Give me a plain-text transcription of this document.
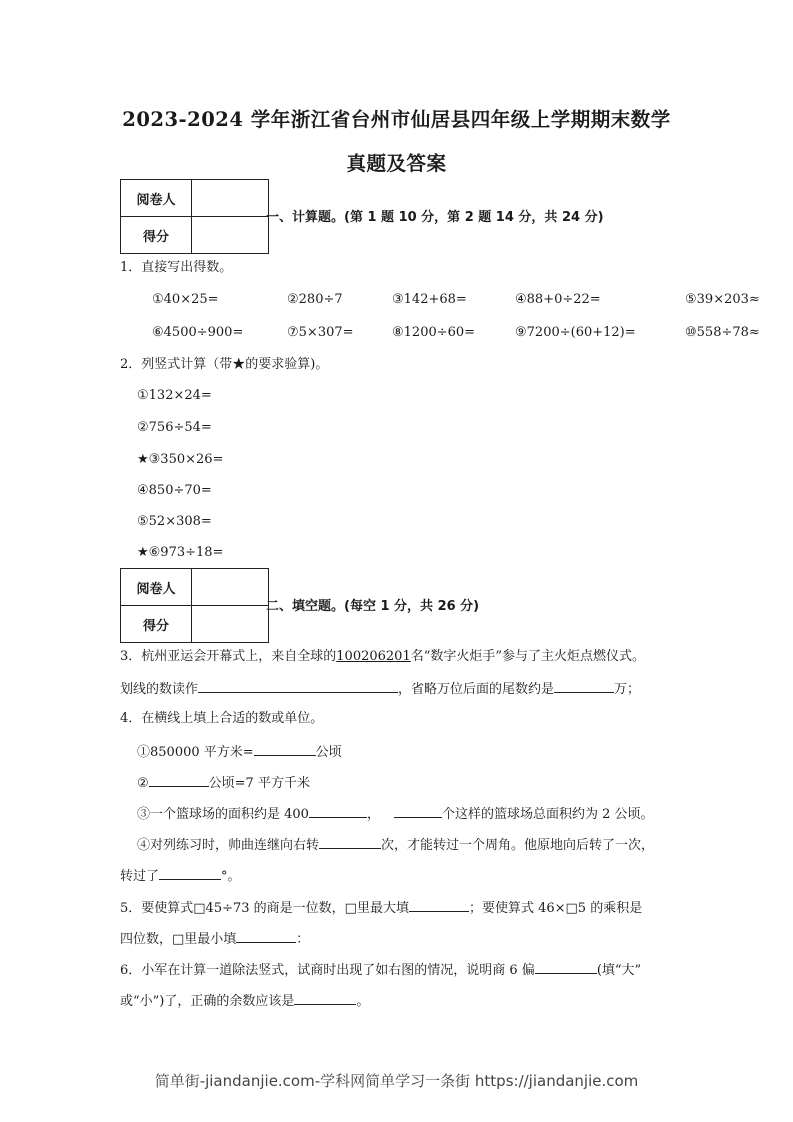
2023-2024 学年浙江省台州市仙居县四年级上学期期末数学
真题及答案
阅卷人	
得分	
一、计算题。(第 1 题 10 分，第 2 题 14 分，共 24 分)
1．直接写出得数。
①40×25=	②280÷7	③142+68=	④88+0÷22=	⑤39×203≈
⑥4500÷900=	⑦5×307=	⑧1200÷60=	⑨7200÷(60+12)=	⑩558÷78≈
2．列竖式计算（带★的要求验算)。
①132×24=
②756÷54=
★③350×26=
④850÷70=
⑤52×308=
★⑥973÷18=
阅卷人	
得分	
二、填空题。(每空 1 分，共 26 分)
3．杭州亚运会开幕式上，来自全球的100206201名“数字火炬手”参与了主火炬点燃仪式。
划线的数读作	，省略万位后面的尾数约是	万；
4．在横线上填上合适的数或单位。
①850000 平方米=	公顷
②	公顷=7 平方千米
③一个篮球场的面积约是 400	，	个这样的篮球场总面积约为 2 公顷。
④对列练习时，帅曲连继向右转	次，才能转过一个周角。他原地向后转了一次，
转过了	°。
5．要使算式□45÷73 的商是一位数，□里最大填	；要使算式 46×□5 的乘积是
四位数，□里最小填	：
6．小军在计算一道除法竖式，试商时出现了如右图的情况，说明商 6 偏	(填“大”
或“小”)了，正确的余数应该是	。
简单街-jiandanjie.com-学科网简单学习一条街 https://jiandanjie.com
